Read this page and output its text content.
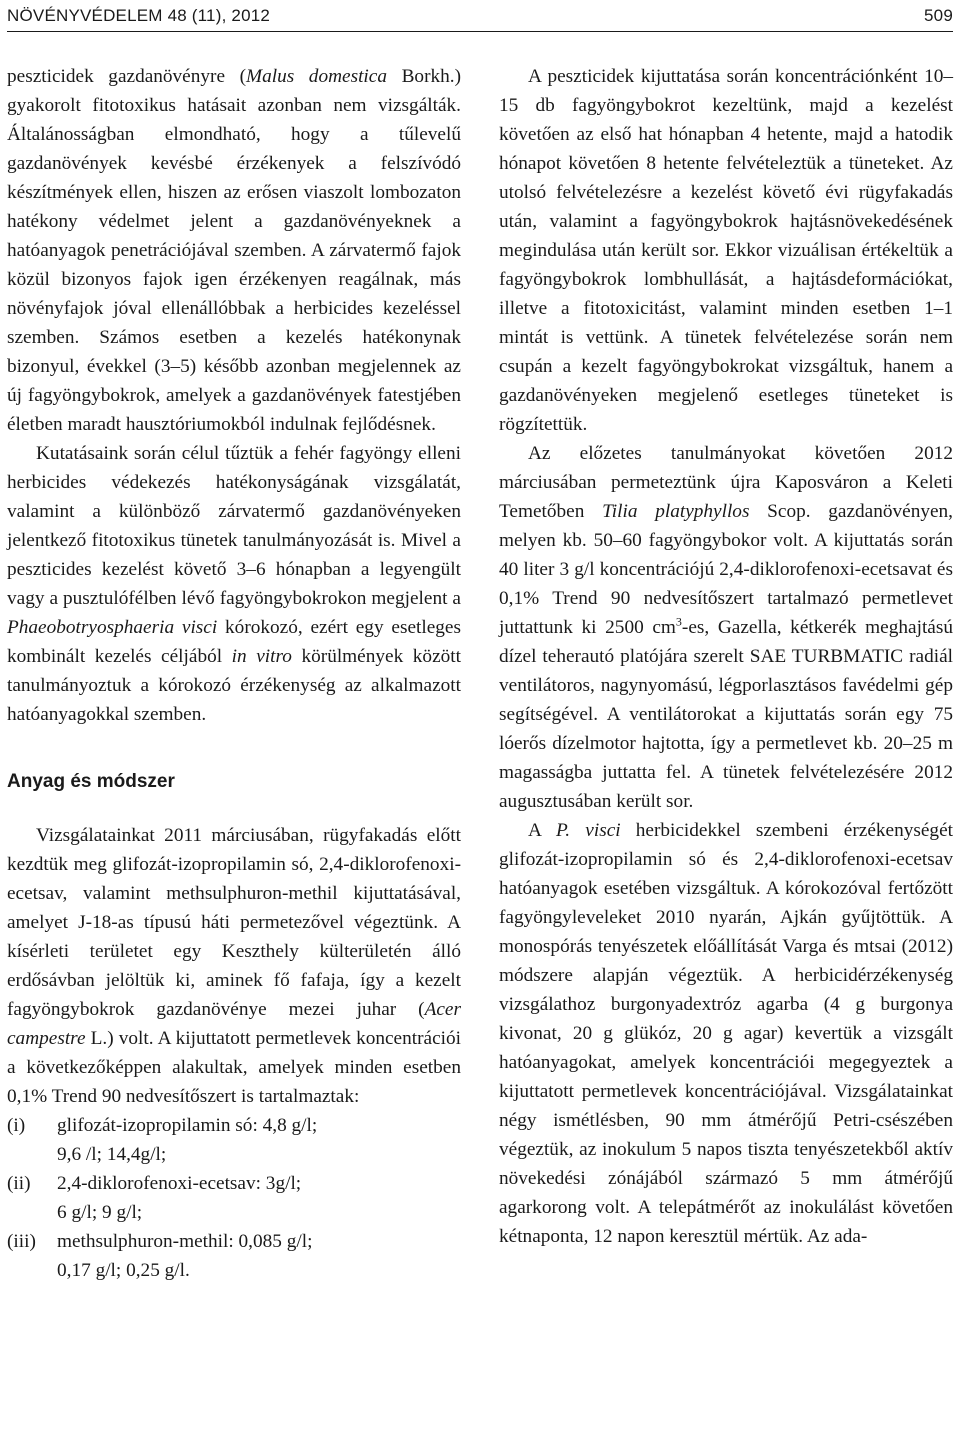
NÖVÉNYVÉDELEM 48 (11), 2012	509

peszticidek gazdanövényre (Malus domestica Borkh.) gyakorolt fitotoxikus hatásait azonban nem vizsgálták. Általánosságban elmondható, hogy a tűlevelű gazdanövények kevésbé érzékenyek a felszívódó készítmények ellen, hiszen az erősen viaszolt lombozaton hatékony védelmet jelent a gazdanövényeknek a hatóanyagok penetrációjával szemben. A zárvatermő fajok közül bizonyos fajok igen érzékenyen reagálnak, más növényfajok jóval ellenállóbbak a herbicides kezeléssel szemben. Számos esetben a kezelés hatékonynak bizonyul, évekkel (3–5) később azonban megjelennek az új fagyöngybokrok, amelyek a gazdanövények fatestjében életben maradt hausztóriumokból indulnak fejlődésnek.

Kutatásaink során célul tűztük a fehér fagyöngy elleni herbicides védekezés hatékonyságának vizsgálatát, valamint a különböző zárvatermő gazdanövényeken jelentkező fitotoxikus tünetek tanulmányozását is. Mivel a peszticides kezelést követő 3–6 hónapban a legyengült vagy a pusztulófélben lévő fagyöngybokrokon megjelent a Phaeobotryosphaeria visci kórokozó, ezért egy esetleges kombinált kezelés céljából in vitro körülmények között tanulmányoztuk a kórokozó érzékenység az alkalmazott hatóanyagokkal szemben.

Anyag és módszer

Vizsgálatainkat 2011 márciusában, rügyfakadás előtt kezdtük meg glifozát-izopropilamin só, 2,4-diklorofenoxi-ecetsav, valamint methsulphuron-methil kijuttatásával, amelyet J-18-as típusú háti permetezővel végeztünk. A kísérleti területet egy Keszthely külterületén álló erdősávban jelöltük ki, aminek fő fafaja, így a kezelt fagyöngybokrok gazdanövénye mezei juhar (Acer campestre L.) volt. A kijuttatott permetlevek koncentrációi a következőképpen alakultak, amelyek minden esetben 0,1% Trend 90 nedvesítőszert is tartalmaztak:

(i)	glifozát-izopropilamin só: 4,8 g/l;
9,6 /l; 14,4g/l;
(ii)	2,4-diklorofenoxi-ecetsav: 3g/l;
6 g/l; 9 g/l;
(iii)	methsulphuron-methil: 0,085 g/l;
0,17 g/l; 0,25 g/l.

A peszticidek kijuttatása során koncentrációnként 10–15 db fagyöngybokrot kezeltünk, majd a kezelést követően az első hat hónapban 4 hetente, majd a hatodik hónapot követően 8 hetente felvételeztük a tüneteket. Az utolsó felvételezésre a kezelést követő évi rügyfakadás után, valamint a fagyöngybokrok hajtásnövekedésének megindulása után került sor. Ekkor vizuálisan értékeltük a fagyöngybokrok lombhullását, a hajtásdeformációkat, illetve a fitotoxicitást, valamint minden esetben 1–1 mintát is vettünk. A tünetek felvételezése során nem csupán a kezelt fagyöngybokrokat vizsgáltuk, hanem a gazdanövényeken megjelenő esetleges tüneteket is rögzítettük.

Az előzetes tanulmányokat követően 2012 márciusában permeteztünk újra Kaposváron a Keleti Temetőben Tilia platyphyllos Scop. gazdanövényen, melyen kb. 50–60 fagyöngybokor volt. A kijuttatás során 40 liter 3 g/l koncentrációjú 2,4-diklorofenoxi-ecetsavat és 0,1% Trend 90 nedvesítőszert tartalmazó permetlevet juttattunk ki 2500 $cm^3-es$, Gazella, kétkerék meghajtású dízel teherautó platójára szerelt SAE TURBMATIC radiál ventilátoros, nagynyomású, légporlasztásos favédelmi gép segítségével. A ventilátorokat a kijuttatás során egy 75 lóerős dízelmotor hajtotta, így a permetlevet kb. 20–25 m magasságba juttatta fel. A tünetek felvételezésére 2012 augusztusában került sor.

A P. visci herbicidekkel szembeni érzékenységét glifozát-izopropilamin só és 2,4-diklorofenoxi-ecetsav hatóanyagok esetében vizsgáltuk. A kórokozóval fertőzött fagyöngyleveleket 2010 nyarán, Ajkán gyűjtöttük. A monospórás tenyészetek előállítását Varga és mtsai (2012) módszere alapján végeztük. A herbicidérzékenység vizsgálathoz burgonyadextróz agarba (4 g burgonya kivonat, 20 g glükóz, 20 g agar) kevertük a vizsgált hatóanyagokat, amelyek koncentrációi megegyeztek a kijuttatott permetlevek koncentrációjával. Vizsgálatainkat négy ismétlésben, 90 mm átmérőjű Petri-csészében végeztük, az inokulum 5 napos tiszta tenyészetekből aktív növekedési zónájából származó 5 mm átmérőjű agarkorong volt. A telepátmérőt az inokulálást követően kétnaponta, 12 napon keresztül mértük. Az ada-
